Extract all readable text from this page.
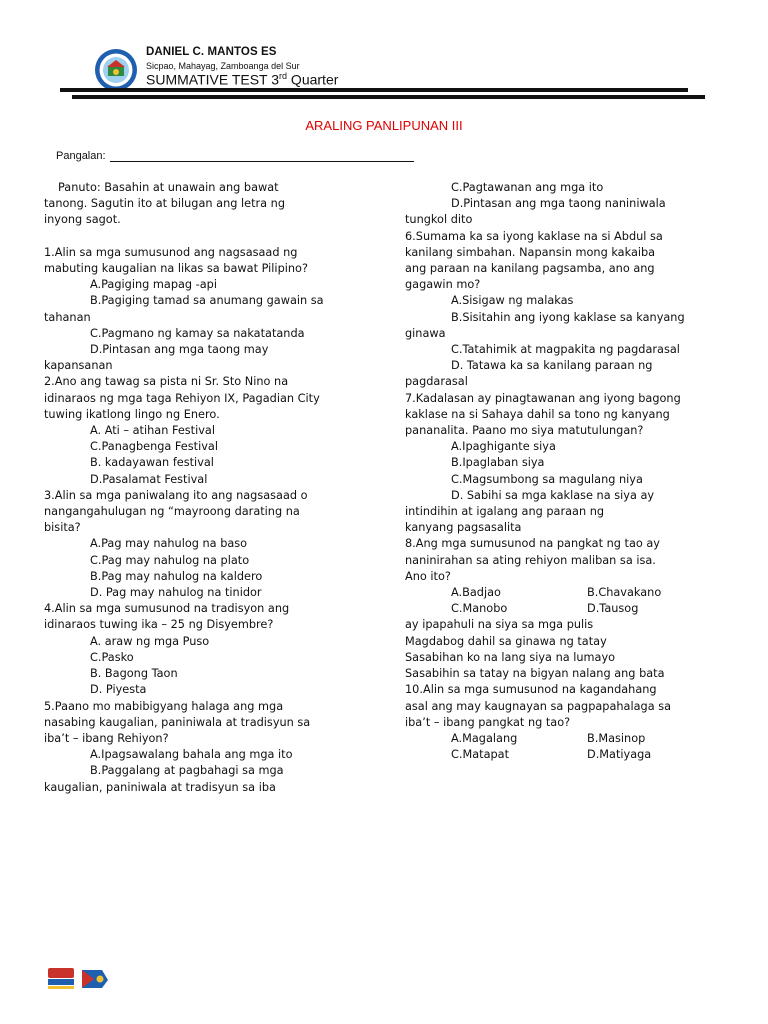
DANIEL C. MANTOS ES
Sicpao, Mahayag, Zamboanga del Sur
SUMMATIVE TEST 3rd Quarter
ARALING PANLIPUNAN III
Pangalan:
Panuto: Basahin at unawain ang bawat
tanong. Sagutin ito at bilugan ang letra ng
inyong sagot.

1.Alin sa mga sumusunod ang nagsasaad ng
mabuting kaugalian na likas sa bawat Pilipino?
A.Pagiging mapag -api
B.Pagiging tamad sa anumang gawain sa
tahanan
C.Pagmano ng kamay sa nakatatanda
D.Pintasan ang mga taong may
kapansanan
2.Ano ang tawag sa pista ni Sr. Sto Nino na
idinaraos ng mga taga Rehiyon IX, Pagadian City
tuwing ikatlong lingo ng Enero.
A. Ati – atihan Festival
C.Panagbenga Festival
B. kadayawan festival
D.Pasalamat Festival
3.Alin sa mga paniwalang ito ang nagsasaad o
nangangahulugan ng “mayroong darating na
bisita?
A.Pag may nahulog na baso
C.Pag may nahulog na plato
B.Pag may nahulog na kaldero
D. Pag may nahulog na tinidor
4.Alin sa mga sumusunod na tradisyon ang
idinaraos tuwing ika – 25 ng Disyembre?
A. araw ng mga Puso
C.Pasko
B. Bagong Taon
D. Piyesta
5.Paano mo mabibigyang halaga ang mga
nasabing kaugalian, paniniwala at tradisyun sa
iba’t – ibang Rehiyon?
A.Ipagsawalang bahala ang mga ito
B.Paggalang at pagbahagi sa mga
kaugalian, paniniwala at tradisyun sa iba
C.Pagtawanan ang mga ito
D.Pintasan ang mga taong naniniwala
tungkol dito
6.Sumama ka sa iyong kaklase na si Abdul sa
kanilang simbahan. Napansin mong kakaiba
ang paraan na kanilang pagsamba, ano ang
gagawin mo?
A.Sisigaw ng malakas
B.Sisitahin ang iyong kaklase sa kanyang
ginawa
C.Tatahimik at magpakita ng pagdarasal
D. Tatawa ka sa kanilang paraan ng
pagdarasal
7.Kadalasan ay pinagtawanan ang iyong bagong
kaklase na si Sahaya dahil sa tono ng kanyang
pananalita. Paano mo siya matutulungan?
A.Ipaghigante siya
B.Ipaglaban siya
C.Magsumbong sa magulang niya
D. Sabihi sa mga kaklase na siya ay
intindihin at igalang ang paraan ng
kanyang pagsasalita
8.Ang mga sumusunod na pangkat ng tao ay
naninirahan sa ating rehiyon maliban sa isa.
Ano ito?
A.Badjao	B.Chavakano
C.Manobo	D.Tausog
ay ipapahuli na siya sa mga pulis
Magdabog dahil sa ginawa ng tatay
Sasabihan ko na lang siya na lumayo
Sasabihin sa tatay na bigyan nalang ang bata
10.Alin sa mga sumusunod na kagandahang
asal ang may kaugnayan sa pagpapahalaga sa
iba’t – ibang pangkat ng tao?
A.Magalang	B.Masinop
C.Matapat	D.Matiyaga
